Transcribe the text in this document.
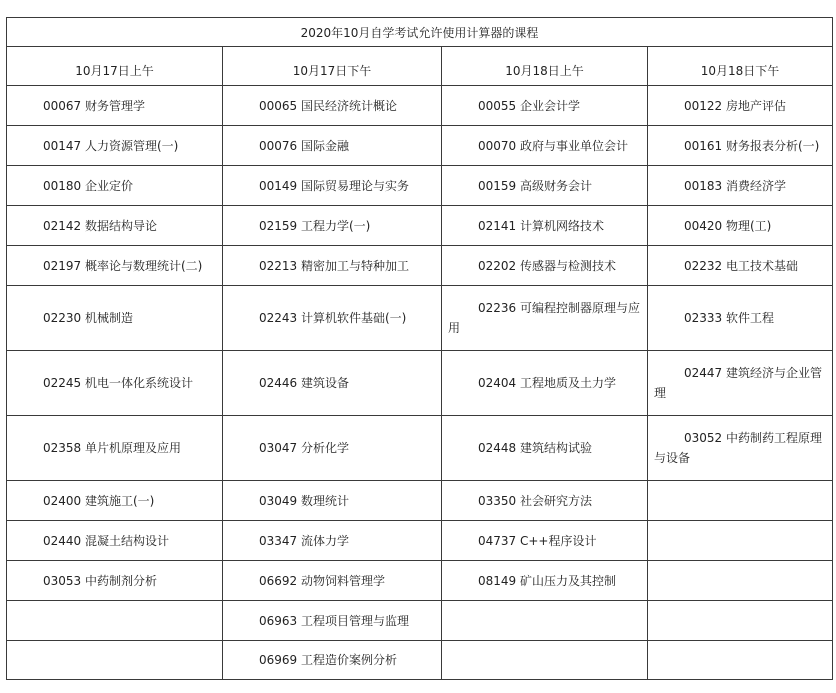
2020年10月自学考试允许使用计算器的课程			
10月17日上午	10月17日下午	10月18日上午	10月18日下午
00067 财务管理学	00065 国民经济统计概论	00055 企业会计学	00122 房地产评估
00147 人力资源管理(一)	00076 国际金融	00070 政府与事业单位会计	00161 财务报表分析(一)
00180 企业定价	00149 国际贸易理论与实务	00159 高级财务会计	00183 消费经济学
02142 数据结构导论	02159 工程力学(一)	02141 计算机网络技术	00420 物理(工)
02197 概率论与数理统计(二)	02213 精密加工与特种加工	02202 传感器与检测技术	02232 电工技术基础
02230 机械制造	02243 计算机软件基础(一)	02236 可编程控制器原理与应用	02333 软件工程
02245 机电一体化系统设计	02446 建筑设备	02404 工程地质及土力学	02447 建筑经济与企业管理
02358 单片机原理及应用	03047 分析化学	02448 建筑结构试验	03052 中药制药工程原理与设备
02400 建筑施工(一)	03049 数理统计	03350 社会研究方法	
02440 混凝土结构设计	03347 流体力学	04737 C++程序设计	
03053 中药制剂分析	06692 动物饲料管理学	08149 矿山压力及其控制	
	06963 工程项目管理与监理		
	06969 工程造价案例分析		
